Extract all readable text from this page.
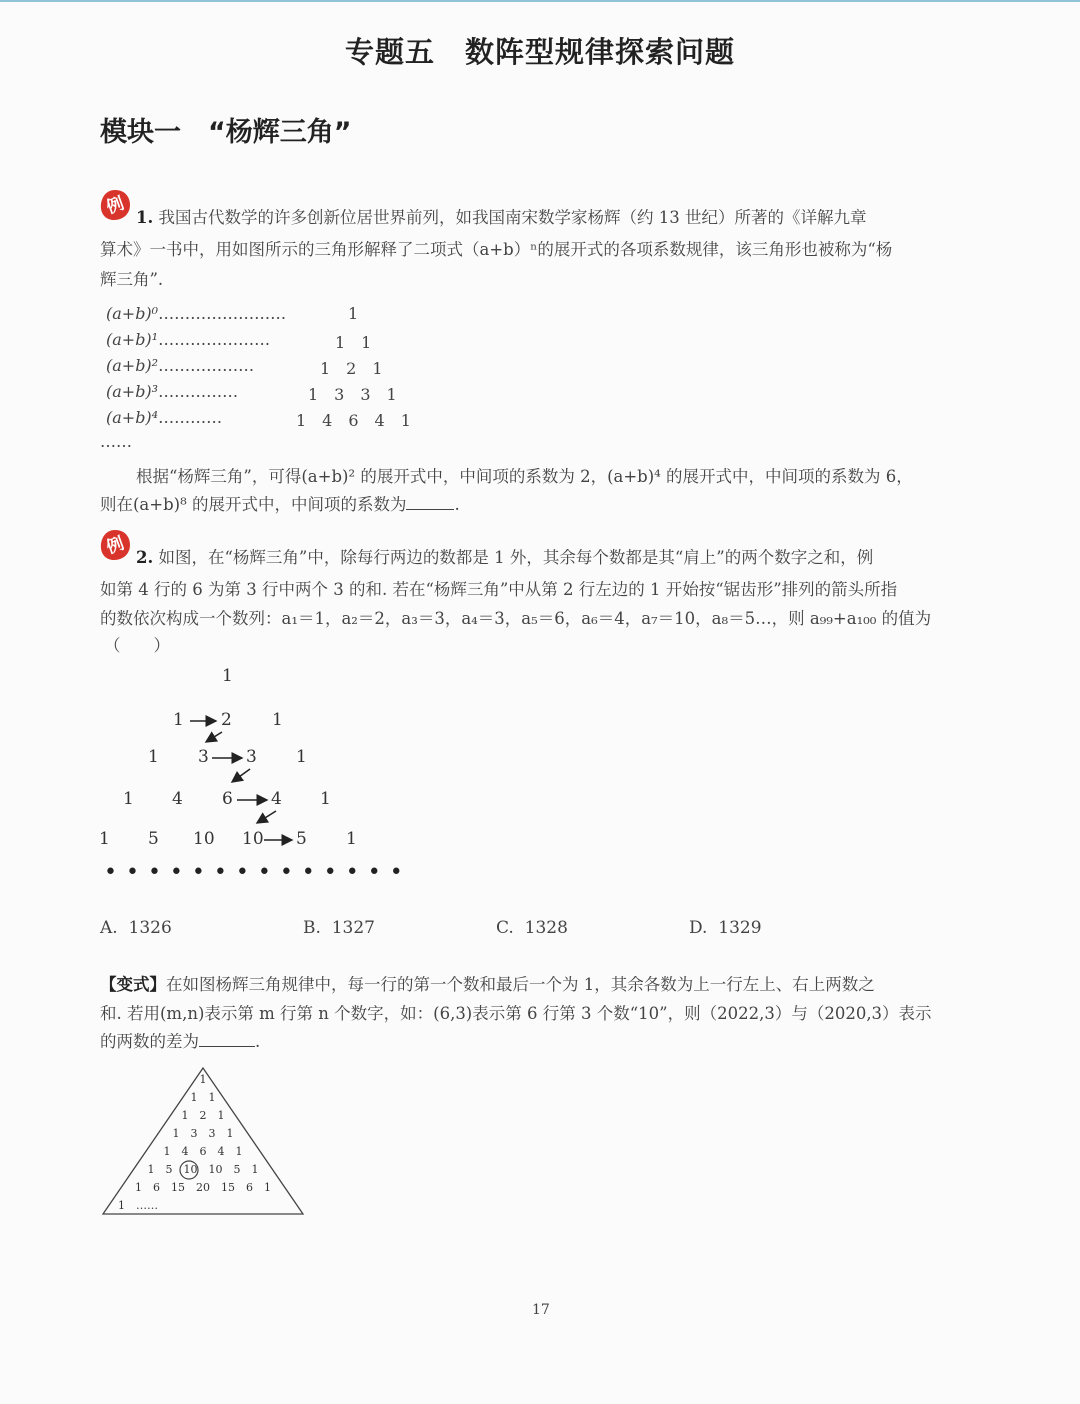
专题五　数阵型规律探索问题
模块一　“杨辉三角”
例 1. 我国古代数学的许多创新位居世界前列，如我国南宋数学家杨辉（约 13 世纪）所著的《详解九章
算术》一书中，用如图所示的三角形解释了二项式（a+b）ⁿ的展开式的各项系数规律，该三角形也被称为“杨
辉三角”.
(a+b)⁰……………………	1
(a+b)¹…………………	1　1
(a+b)²………………	1　2　1
(a+b)³……………	1　3　3　1
(a+b)⁴…………	1　4　6　4　1
……
根据“杨辉三角”，可得(a+b)² 的展开式中，中间项的系数为 2，(a+b)⁴ 的展开式中，中间项的系数为 6，
则在(a+b)⁸ 的展开式中，中间项的系数为	.
例 2. 如图，在“杨辉三角”中，除每行两边的数都是 1 外，其余每个数都是其“肩上”的两个数字之和，例
如第 4 行的 6 为第 3 行中两个 3 的和. 若在“杨辉三角”中从第 2 行左边的 1 开始按“锯齿形”排列的箭头所指
的数依次构成一个数列：a₁＝1，a₂＝2，a₃＝3，a₄＝3，a₅＝6，a₆＝4，a₇＝10，a₈＝5…，则 a₉₉+a₁₀₀ 的值为
（　　）
1
1 2 1
1 3 3 1
1 4 6 4 1
1 5 10 10 5 1
••••••••••••••
A. 1326	B. 1327	C. 1328	D. 1329
【变式】在如图杨辉三角规律中，每一行的第一个数和最后一个为 1，其余各数为上一行左上、右上两数之
和. 若用(m,n)表示第 m 行第 n 个数字，如：(6,3)表示第 6 行第 3 个数“10”，则（2022,3）与（2020,3）表示
的两数的差为	.
1
1　1
1　2　1
1　3　3　1
1　4　6　4　1
1　5　10　10　5　1
1　6　15　20　15　6　1
1　……
17
